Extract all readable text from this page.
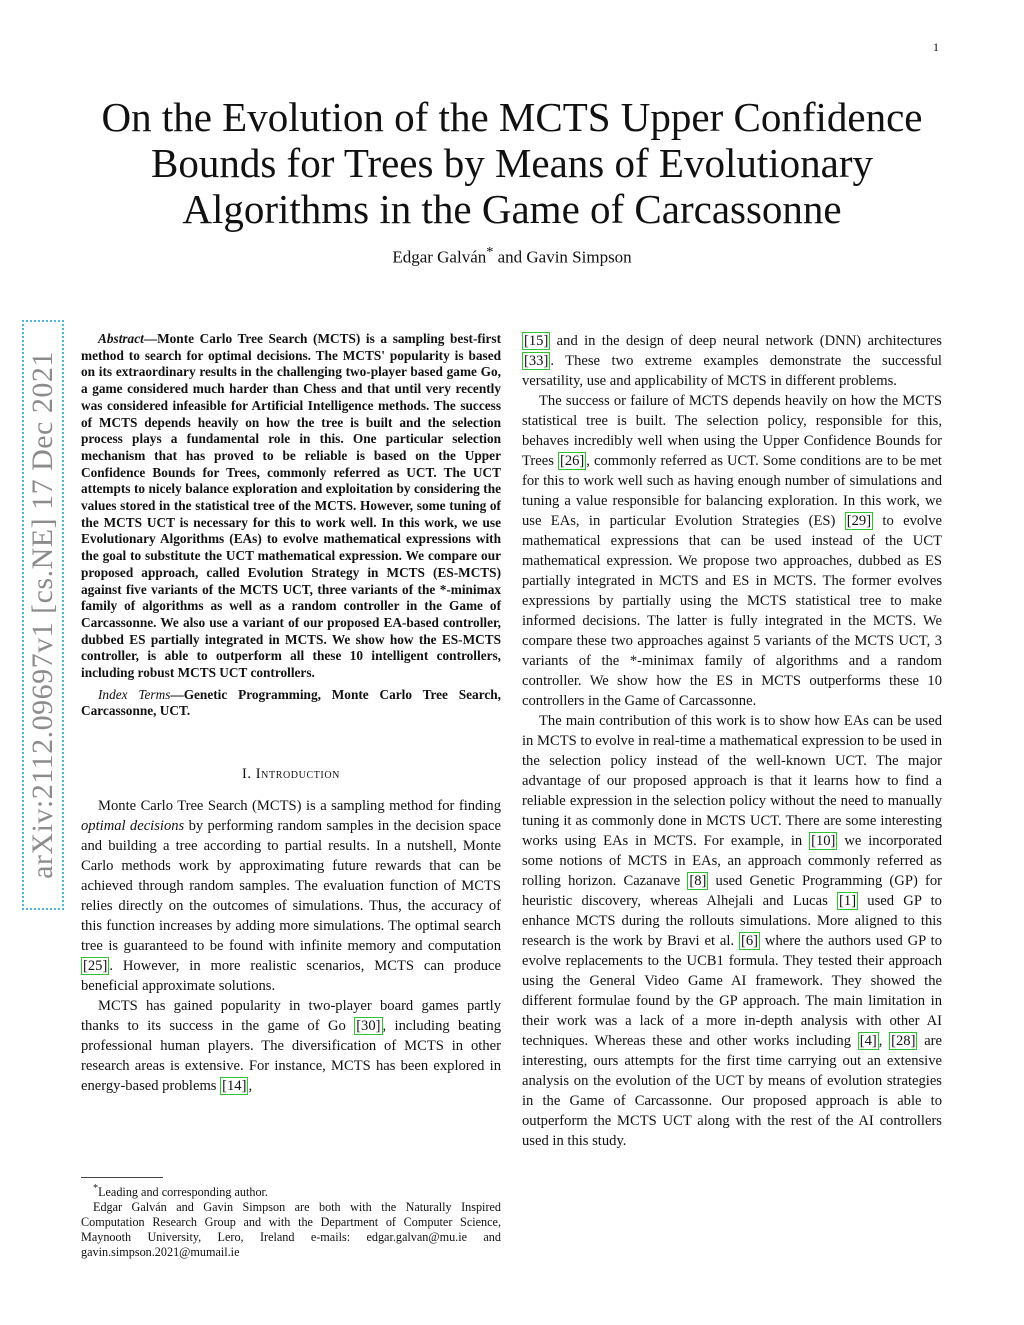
1
On the Evolution of the MCTS Upper Confidence Bounds for Trees by Means of Evolutionary Algorithms in the Game of Carcassonne
Edgar Galván* and Gavin Simpson
arXiv:2112.09697v1 [cs.NE] 17 Dec 2021

Abstract—Monte Carlo Tree Search (MCTS) is a sampling best-first method to search for optimal decisions. The MCTS' popularity is based on its extraordinary results in the challenging two-player based game Go, a game considered much harder than Chess and that until very recently was considered infeasible for Artificial Intelligence methods. The success of MCTS depends heavily on how the tree is built and the selection process plays a fundamental role in this. One particular selection mechanism that has proved to be reliable is based on the Upper Confidence Bounds for Trees, commonly referred as UCT. The UCT attempts to nicely balance exploration and exploitation by considering the values stored in the statistical tree of the MCTS. However, some tuning of the MCTS UCT is necessary for this to work well. In this work, we use Evolutionary Algorithms (EAs) to evolve mathematical expressions with the goal to substitute the UCT mathematical expression. We compare our proposed approach, called Evolution Strategy in MCTS (ES-MCTS) against five variants of the MCTS UCT, three variants of the *-minimax family of algorithms as well as a random controller in the Game of Carcassonne. We also use a variant of our proposed EA-based controller, dubbed ES partially integrated in MCTS. We show how the ES-MCTS controller, is able to outperform all these 10 intelligent controllers, including robust MCTS UCT controllers.

Index Terms—Genetic Programming, Monte Carlo Tree Search, Carcassonne, UCT.

I. Introduction

Monte Carlo Tree Search (MCTS) is a sampling method for finding optimal decisions by performing random samples in the decision space and building a tree according to partial results. In a nutshell, Monte Carlo methods work by approximating future rewards that can be achieved through random samples. The evaluation function of MCTS relies directly on the outcomes of simulations. Thus, the accuracy of this function increases by adding more simulations. The optimal search tree is guaranteed to be found with infinite memory and computation [25] . However, in more realistic scenarios, MCTS can produce beneficial approximate solutions.

MCTS has gained popularity in two-player board games partly thanks to its success in the game of Go [30] , including beating professional human players. The diversification of MCTS in other research areas is extensive. For instance, MCTS has been explored in energy-based problems [14] ,

*Leading and corresponding author.

Edgar Galván and Gavin Simpson are both with the Naturally Inspired Computation Research Group and with the Department of Computer Science, Maynooth University, Lero, Ireland e-mails: edgar.galvan@mu.ie and gavin.simpson.2021@mumail.ie

[15] and in the design of deep neural network (DNN) architectures [33] . These two extreme examples demonstrate the successful versatility, use and applicability of MCTS in different problems.

The success or failure of MCTS depends heavily on how the MCTS statistical tree is built. The selection policy, responsible for this, behaves incredibly well when using the Upper Confidence Bounds for Trees [26] , commonly referred as UCT. Some conditions are to be met for this to work well such as having enough number of simulations and tuning a value responsible for balancing exploration. In this work, we use EAs, in particular Evolution Strategies (ES) [29] to evolve mathematical expressions that can be used instead of the UCT mathematical expression. We propose two approaches, dubbed as ES partially integrated in MCTS and ES in MCTS. The former evolves expressions by partially using the MCTS statistical tree to make informed decisions. The latter is fully integrated in the MCTS. We compare these two approaches against 5 variants of the MCTS UCT, 3 variants of the *-minimax family of algorithms and a random controller. We show how the ES in MCTS outperforms these 10 controllers in the Game of Carcassonne.

The main contribution of this work is to show how EAs can be used in MCTS to evolve in real-time a mathematical expression to be used in the selection policy instead of the well-known UCT. The major advantage of our proposed approach is that it learns how to find a reliable expression in the selection policy without the need to manually tuning it as commonly done in MCTS UCT. There are some interesting works using EAs in MCTS. For example, in [10] we incorporated some notions of MCTS in EAs, an approach commonly referred as rolling horizon. Cazanave [8] used Genetic Programming (GP) for heuristic discovery, whereas Alhejali and Lucas [1] used GP to enhance MCTS during the rollouts simulations. More aligned to this research is the work by Bravi et al. [6] where the authors used GP to evolve replacements to the UCB1 formula. They tested their approach using the General Video Game AI framework. They showed the different formulae found by the GP approach. The main limitation in their work was a lack of a more in-depth analysis with other AI techniques. Whereas these and other works including [4] , [28] are interesting, ours attempts for the first time carrying out an extensive analysis on the evolution of the UCT by means of evolution strategies in the Game of Carcassonne. Our proposed approach is able to outperform the MCTS UCT along with the rest of the AI controllers used in this study.
